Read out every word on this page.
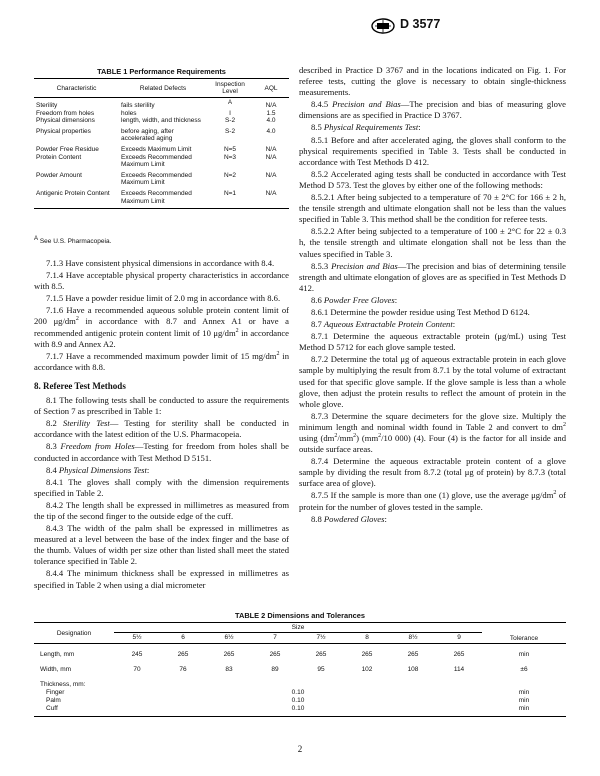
D 3577
TABLE 1 Performance Requirements
Characteristic	Related Defects	Inspection Level	AQL
Sterility	fails sterility	$^A$	N/A
Freedom from holes	holes	I	1.5
Physical dimensions	length, width, and thickness	S-2	4.0
Physical properties	before aging, after accelerated aging	S-2	4.0
Powder Free Residue	Exceeds Maximum Limit	N=5	N/A
Protein Content	Exceeds Recommended Maximum Limit	N=3	N/A
Powder Amount	Exceeds Recommended Maximum Limit	N=2	N/A
Antigenic Protein Content	Exceeds Recommended Maximum Limit	N=1	N/A
$^A$ See U.S. Pharmacopeia.

7.1.3 Have consistent physical dimensions in accordance with 8.4.

7.1.4 Have acceptable physical property characteristics in accordance with 8.5.

7.1.5 Have a powder residue limit of 2.0 mg in accordance with 8.6.

7.1.6 Have a recommended aqueous soluble protein content limit of 200 $\mu g/dm^2$ in accordance with 8.7 and Annex A1 or have a recommended antigenic protein content limit of 10 $\mu g/dm^2$ in accordance with 8.9 and Annex A2.

7.1.7 Have a recommended maximum powder limit of 15 $mg/dm^2$ in accordance with 8.8.

8. Referee Test Methods

8.1 The following tests shall be conducted to assure the requirements of Section 7 as prescribed in Table 1:

8.2 Sterility Test— Testing for sterility shall be conducted in accordance with the latest edition of the U.S. Pharmacopeia.

8.3 Freedom from Holes—Testing for freedom from holes shall be conducted in accordance with Test Method D 5151.

8.4 Physical Dimensions Test:

8.4.1 The gloves shall comply with the dimension requirements specified in Table 2.

8.4.2 The length shall be expressed in millimetres as measured from the tip of the second finger to the outside edge of the cuff.

8.4.3 The width of the palm shall be expressed in millimetres as measured at a level between the base of the index finger and the base of the thumb. Values of width per size other than listed shall meet the stated tolerance specified in Table 2.

8.4.4 The minimum thickness shall be expressed in millimetres as specified in Table 2 when using a dial micrometer

described in Practice D 3767 and in the locations indicated on Fig. 1. For referee tests, cutting the glove is necessary to obtain single-thickness measurements.

8.4.5 Precision and Bias—The precision and bias of measuring glove dimensions are as specified in Practice D 3767.

8.5 Physical Requirements Test:

8.5.1 Before and after accelerated aging, the gloves shall conform to the physical requirements specified in Table 3. Tests shall be conducted in accordance with Test Methods D 412.

8.5.2 Accelerated aging tests shall be conducted in accordance with Test Method D 573. Test the gloves by either one of the following methods:

8.5.2.1 After being subjected to a temperature of 70 ± 2°C for 166 ± 2 h, the tensile strength and ultimate elongation shall not be less than the values specified in Table 3. This method shall be the condition for referee tests.

8.5.2.2 After being subjected to a temperature of 100 ± 2°C for 22 ± 0.3 h, the tensile strength and ultimate elongation shall not be less than the values specified in Table 3.

8.5.3 Precision and Bias—The precision and bias of determining tensile strength and ultimate elongation of gloves are as specified in Test Methods D 412.

8.6 Powder Free Gloves:

8.6.1 Determine the powder residue using Test Method D 6124.

8.7 Aqueous Extractable Protein Content:

8.7.1 Determine the aqueous extractable protein (μg/mL) using Test Method D 5712 for each glove sample tested.

8.7.2 Determine the total μg of aqueous extractable protein in each glove sample by multiplying the result from 8.7.1 by the total volume of extractant used for that specific glove sample. If the glove sample is less than a whole glove, then adjust the protein results to reflect the amount of protein in the whole glove.

8.7.3 Determine the square decimeters for the glove size. Multiply the minimum length and nominal width found in Table 2 and convert to $dm^2$ using $(dm^2/mm^2)$ ($mm^2/10$ 000) (4). Four (4) is the factor for all inside and outside surface areas.

8.7.4 Determine the aqueous extractable protein content of a glove sample by dividing the result from 8.7.2 (total μg of protein) by 8.7.3 (total surface area of glove).

8.7.5 If the sample is more than one (1) glove, use the average $\mu g/dm^2$ of protein for the number of gloves tested in the sample.

8.8 Powdered Gloves:

TABLE 2 Dimensions and Tolerances
Designation	Size								Tolerance
	5½	6	6½	7	7½	8	8½	9	
Length, mm	245	265	265	265	265	265	265	265	min
Width, mm	70	76	83	89	95	102	108	114	±6
Thickness, mm:									
Finger	0.10								min
Palm	0.10								min
Cuff	0.10								min
2
